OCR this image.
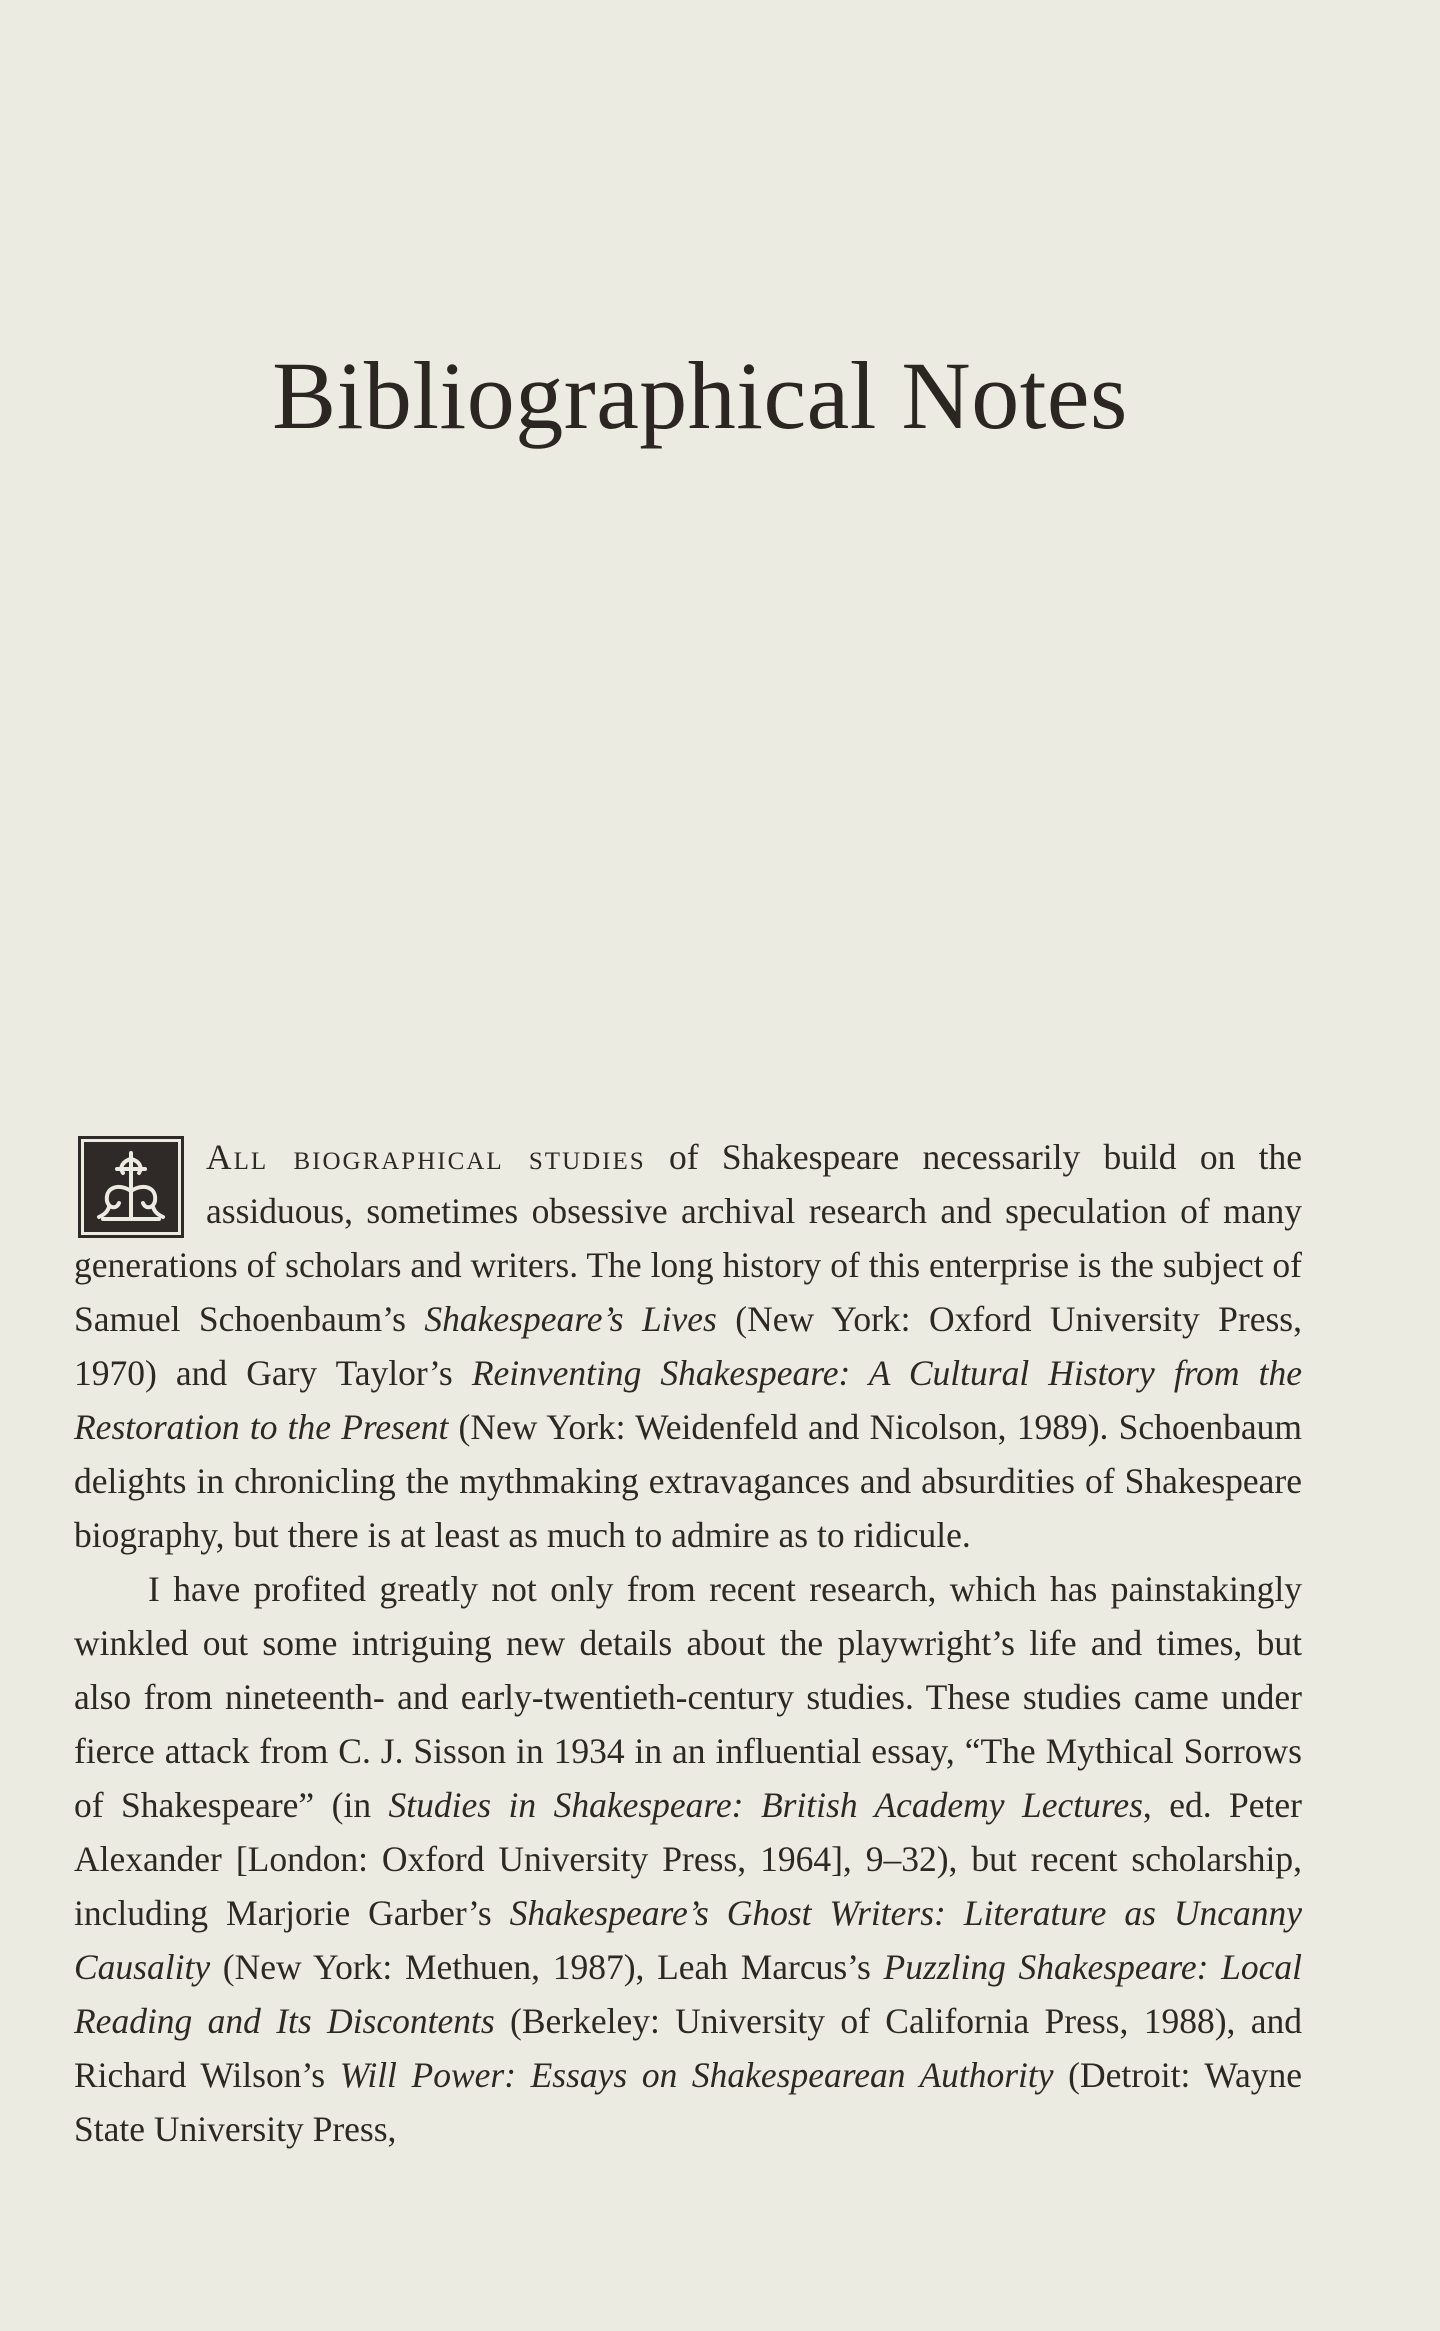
Bibliographical Notes

All biographical studies of Shakespeare necessarily build on the assiduous, sometimes obsessive archival research and speculation of many generations of scholars and writers. The long history of this enterprise is the subject of Samuel Schoenbaum’s Shakespeare’s Lives (New York: Oxford University Press, 1970) and Gary Taylor’s Reinventing Shakespeare: A Cultural History from the Restoration to the Present (New York: Weidenfeld and Nicolson, 1989). Schoenbaum delights in chronicling the mythmaking extravagances and absurdities of Shakespeare biography, but there is at least as much to admire as to ridicule.

I have profited greatly not only from recent research, which has painstakingly winkled out some intriguing new details about the playwright’s life and times, but also from nineteenth- and early-twentieth-century studies. These studies came under fierce attack from C. J. Sisson in 1934 in an influential essay, “The Mythical Sorrows of Shakespeare” (in Studies in Shakespeare: British Academy Lectures, ed. Peter Alexander [London: Oxford University Press, 1964], 9–32), but recent scholarship, including Marjorie Garber’s Shakespeare’s Ghost Writers: Literature as Uncanny Causality (New York: Methuen, 1987), Leah Marcus’s Puzzling Shakespeare: Local Reading and Its Discontents (Berkeley: University of California Press, 1988), and Richard Wilson’s Will Power: Essays on Shakespearean Authority (Detroit: Wayne State University Press,
